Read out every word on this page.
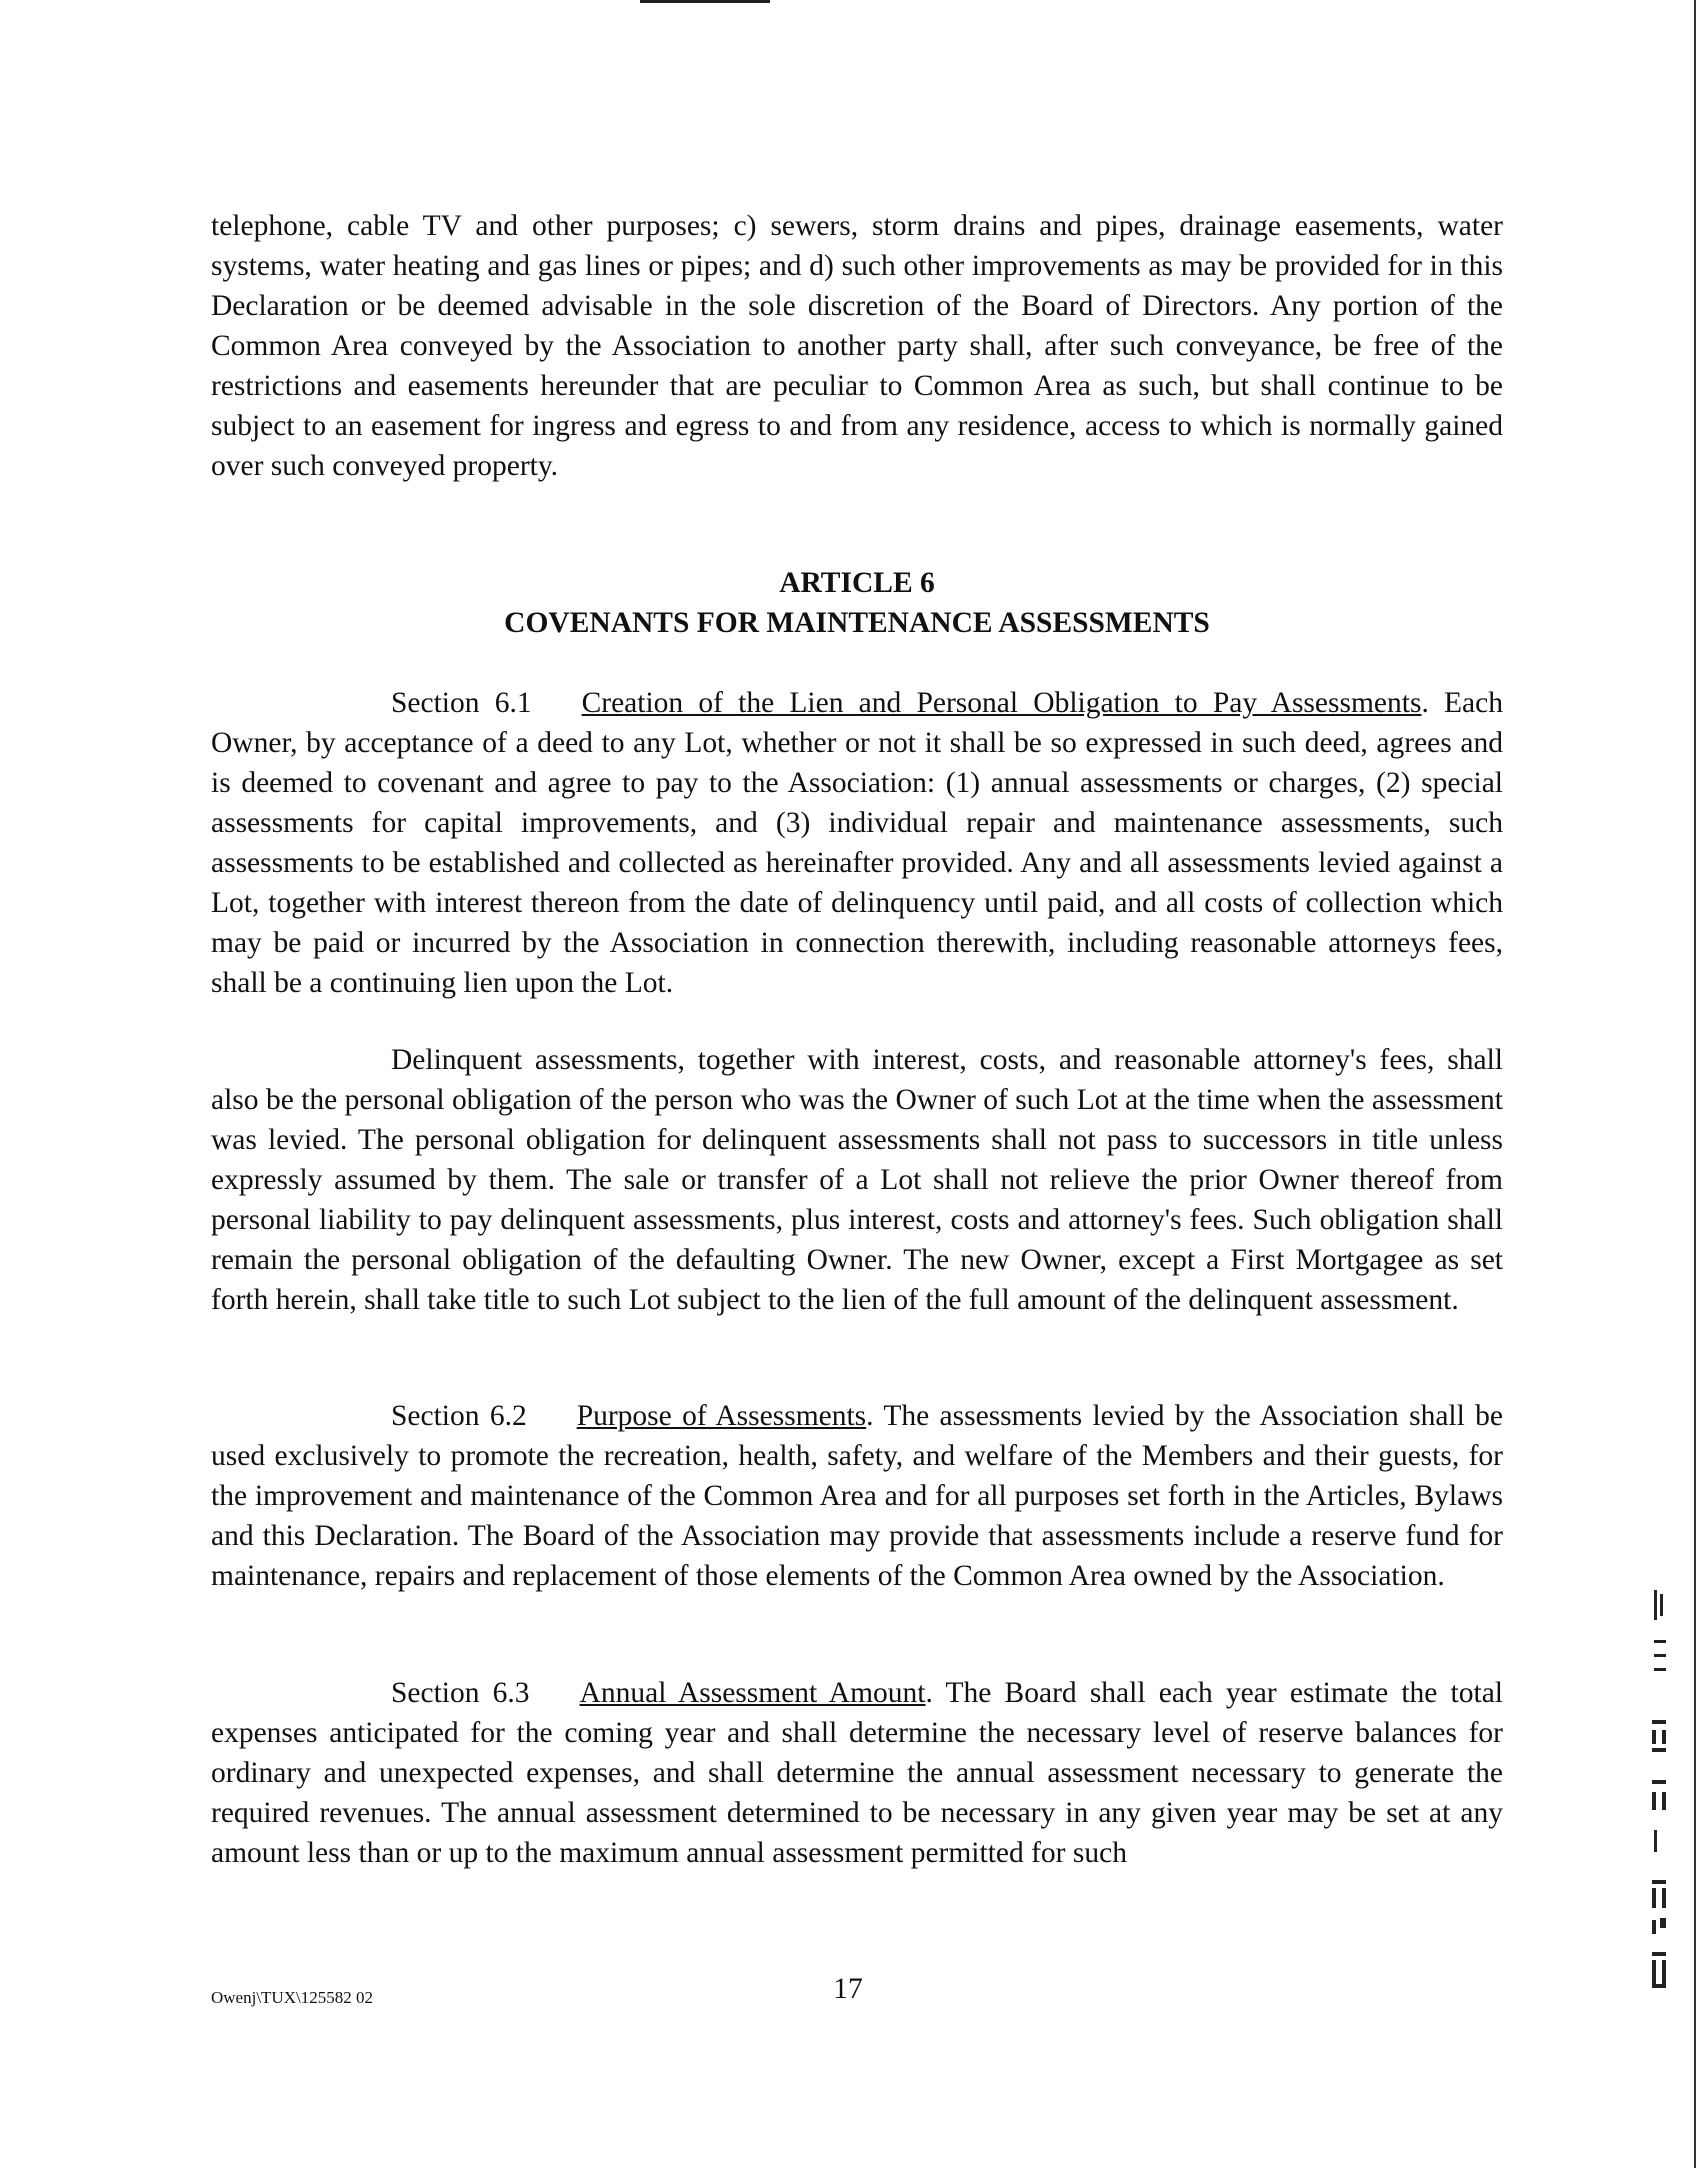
telephone, cable TV and other purposes; c) sewers, storm drains and pipes, drainage easements, water systems, water heating and gas lines or pipes; and d) such other improvements as may be provided for in this Declaration or be deemed advisable in the sole discretion of the Board of Directors. Any portion of the Common Area conveyed by the Association to another party shall, after such conveyance, be free of the restrictions and easements hereunder that are peculiar to Common Area as such, but shall continue to be subject to an easement for ingress and egress to and from any residence, access to which is normally gained over such conveyed property.

ARTICLE 6
COVENANTS FOR MAINTENANCE ASSESSMENTS

Section 6.1 Creation of the Lien and Personal Obligation to Pay Assessments. Each Owner, by acceptance of a deed to any Lot, whether or not it shall be so expressed in such deed, agrees and is deemed to covenant and agree to pay to the Association: (1) annual assessments or charges, (2) special assessments for capital improvements, and (3) individual repair and maintenance assessments, such assessments to be established and collected as hereinafter provided. Any and all assessments levied against a Lot, together with interest thereon from the date of delinquency until paid, and all costs of collection which may be paid or incurred by the Association in connection therewith, including reasonable attorneys fees, shall be a continuing lien upon the Lot.

Delinquent assessments, together with interest, costs, and reasonable attorney's fees, shall also be the personal obligation of the person who was the Owner of such Lot at the time when the assessment was levied. The personal obligation for delinquent assessments shall not pass to successors in title unless expressly assumed by them. The sale or transfer of a Lot shall not relieve the prior Owner thereof from personal liability to pay delinquent assessments, plus interest, costs and attorney's fees. Such obligation shall remain the personal obligation of the defaulting Owner. The new Owner, except a First Mortgagee as set forth herein, shall take title to such Lot subject to the lien of the full amount of the delinquent assessment.

Section 6.2 Purpose of Assessments. The assessments levied by the Association shall be used exclusively to promote the recreation, health, safety, and welfare of the Members and their guests, for the improvement and maintenance of the Common Area and for all purposes set forth in the Articles, Bylaws and this Declaration. The Board of the Association may provide that assessments include a reserve fund for maintenance, repairs and replacement of those elements of the Common Area owned by the Association.

Section 6.3 Annual Assessment Amount. The Board shall each year estimate the total expenses anticipated for the coming year and shall determine the necessary level of reserve balances for ordinary and unexpected expenses, and shall determine the annual assessment necessary to generate the required revenues. The annual assessment determined to be necessary in any given year may be set at any amount less than or up to the maximum annual assessment permitted for such

Owenj\TUX\125582 02	17
